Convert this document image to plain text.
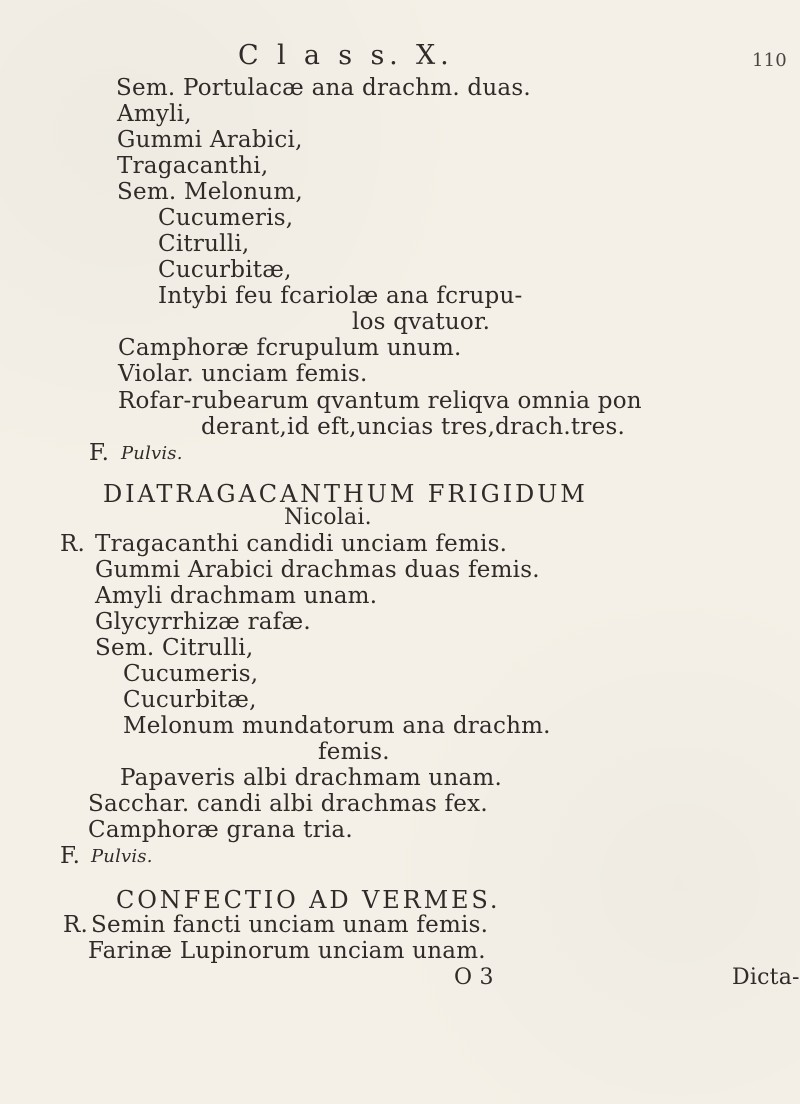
C l a s s. X.	110
Sem. Portulacæ ana drachm. duas.
Amyli,
Gummi Arabici,
Tragacanthi,
Sem. Melonum,
Cucumeris,
Citrulli,
Cucurbitæ,
Intybi feu fcariolæ ana fcrupu-
los qvatuor.
Camphoræ fcrupulum unum.
Violar. unciam femis.
Rofar-rubearum qvantum reliqva omnia pon
derant,id eft,uncias tres,drach.tres.
F. Pulvis.
DIATRAGACANTHUM FRIGIDUM
Nicolai.
R. Tragacanthi candidi unciam femis.
Gummi Arabici drachmas duas femis.
Amyli drachmam unam.
Glycyrrhizæ rafæ.
Sem. Citrulli,
Cucumeris,
Cucurbitæ,
Melonum mundatorum ana drachm.
femis.
Papaveris albi drachmam unam.
Sacchar. candi albi drachmas fex.
Camphoræ grana tria.
F. Pulvis.
CONFECTIO AD VERMES.
R. Semin fancti unciam unam femis.
Farinæ Lupinorum unciam unam.
O 3	Dicta-
